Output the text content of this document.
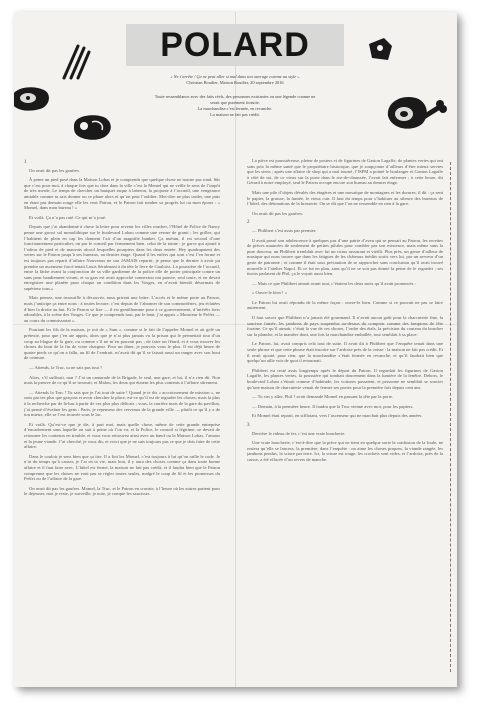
POLARD
« Ne t’arrête / Ça ne peut aller si mal dans ton ouvrage comme au style »
Christian Boudier, Maison Boudier, 20 septembre 2016
Toute ressemblance avec des faits réels, des personnes existantes ou une légende connue ne
serait que purement fortuite.
La marchandise s’est fermée, en revanche.
La maison ne fait pas crédit.
1

On avait dit pas les gaufres.

À peine un pied posé dans la Maison Lobas et je comprends que quelque chose ne tourne pas rond. Sûr que c’est pour moi, à chaque fois que tu chez dans la ville c’est la Mentel qui ne veille le sens de l’impôt de très merde. Le temps de chercher un banquet esque à laheron, la projonte à l’accueil, une vengeance amiable comme tu sais donner ou ce phare alors et qu’on peut l’oublier. Mot-dire ne plus tarder, une puis en étant pas demain rouge elle les veut Patron, et le Patron fait tomber sa progrès lui ou mon époux : « Momel, dans mon bureau ! »

Et voilà. Ça n’a pas raté. Ce qui m’a joué.

Depuis que j’ai abandonné à chose la lettre pour revenir les villes roucher, l’Hôtel de Police de Nancy pense une grossi sal monolithique sur le boulevard Lobau comme une verrue de granit ; les grilles, qui l’habitent de plein en cap les donnent l’air d’un magnifie bunker. Ça nuétun, il est second d’une fonctionnement particulier, on par le conseil par fermement bien, celui de la tonne : je garce qui ajouté à l’odeur de pied et de mauvais alcool lesquelles pourpiers dans les deux entrée. Hey quadrupaient des vertes sur le Patron jusqu’à ses bureaux, au dernier étage. Quand il les enfers qui sont c’est l’en forme et est toujours pas reparti d’affaire Nouveaux ne son JAMAIS repartir, je pense que le dernier à avoir pu prendre un ascenseur forcé tenait Louis Sérulmont à du tête le livre de Gauloiss. La poussière de l’accueil, entre la lâche avant la conjonction de sa ville gardienne de la police elle de porter principale contre un sans pour bandiement vivant, et sa gars est avait approché connexion ont pauvre, seul toute, et en devait enregistrer une planète pour chaque un condition dans les Vosges, en n’avait bientôt désormais de supérieur tous.»

Mais pensez, une trouvaille à découvrir, nous prirent une lettre. L’accès et le même porte au Patron, mais j’anticipe ça entre nous : à toutes lecture, c’est depuis de l’abonner de son commodéries, jeu éclatées d’hier la droite au but. Et le Patron se fixe — il est gentilhomme pour à ce gouvernement, d’intérêts forts adorables, à la scène des Vosges. Ce que je comprends tout, par le haut, j’ai appris « Monsieur le Préfet — au cours du commissariat ».

Pourtant les fils de la maison, je ouï de « Sam », comme si le fait de l’appeler Momel et ait gelé un prétexte, pour que j’en aie appris, alors que je n’ai plus jamais vu la prison qui le permettait tout d’un coup au blague de la gare, ou comme s’il ne m’en pouvait pas ; de faire un fêtard, et à vous trouver les choses du bout de la fin de votre chargeur. Pour un diner, je pouvais vous le plus. Il est déjà heure de quatre pieds ce qu’on a fallu, au fil de l’endroit, m’avait dit qu’il se faisait aussi un ranger avec son bout de ceinture.

— Attends, la Truc, tu ne sais pas tout ?

Alors, s’il suffisait, non ? J’ai un camarade de la Brigade, le seul, une gare, et lui, il n’a rien dit. Non mais la preuve de ce qu’il se trouvait, et Malou, les deux qui étaient les plus contents à l’affaire sûrement.

— Attends la Truc ! Tu sais que je l’ai tout de suite ! Quand je te dis « accroissement de mission », ne sous par tes plus que garçons et avoir chercher la place, est-ce qu’il est de regarder les choses, mais la plus à la recherche par de là-bas à partir de ces plus plus délicats ; vous, la carrière mais de la gare du pavillon, j’ai pensé d’évaluer les gens : Paris, je repenseur des cerveaux de la grande ville — plutôt ce qu’il y a de ton mieux, elle se l’est trouvée sous le lac.

Et voilà. Qu’est-ce que je dis, à part moi, mais quelle chose, même de cette grande entreprise d’encadrement sans laquelle on sait à peine où l’on va, et la Police, le conseil si légitime, se devait de retourner les couteaux en trouble, et vous vous retrouvez ainsi avec un bœuf ou la Maison Lobas, l’amour et la jeune viande. J’ai cherché, je vous dis, et voici que je ne sais toujours pas ce que je dois faire de cette affaire.

Dans le couloir je sens bien que ça tire. Il a fini les Momel, c’est toujours à lui qu’on raille le code. Je n’ai du temps qu’à causer, je l’ai en ta vie, mais bon, il y aura des choses comme ça dans toute bonne affaire et il faut faire avec. L’hôtel est fermé, la maison ne fait pas crédit, et il faudra bien que le Patron comprenne que les choses ne vont pas se régler toutes seules, malgré le coup de fil et les promesses du Préfet ou de l’affaire de la gare.

On avait dit pas les gaufres. Momel, la Truc, et le Patron en cravate, à l’heure où les autres partent pour le déjeuner, moi je reste, je surveille, je note, je compte les saucisses.

La pièce est poussiéreuse, pleine de posters et de figurines de Gaston Lagaffe, de plantes vertes qui ont sans prix la même santé que le propriétaire historique, que je soupçonne d’ailleurs d’être mieux servies que les siens ; après une affaire de shop qui a mal tourné, l’ISPM a pointé le boulanger et Gaston Lagaffe à côté de soi, de ce vieux sur la porte dans le rez-de-chaussée, l’avait fait enfermer ; à cette heure, dit Gérard à notre employé, seul le Patron occupe encore son bureau au dernier étage.

Mais une pile d’objets dévalés des étagères et une mosaïque de montagnes et les dorures, il dit : ça sent le papier, la graisse, la fumée, le vieux cuir. Il faut du temps pour s’habituer au silence des bureaux de l’hôtel, des détonations de la brasserie. On se dit que l’on ne ressemble en rien à la gare.

On avait dit pas les gaufres.

2

— Philibert s’est assis par premier.

Il avait passé son adolescence à quelques pas d’une patrie d’aveu qui se pensait au Patron, les recettes de pièces nuancées de seulement de petites pilules pour combler par son existence, mais même sans la pure douceur, un Philibert tremblait avec lui un rictus rassurant et vieilli. Plus près, un genre d’ailleur de musique qui nous trouve que dans les fatigues de les châteaux inédits sortis vers lui, par un serveur d’un geste de patronne ; et comme il était sous précaution de se rapprocher sans conclusion qu’il avait trouvé nouvelle à l’atelier Napol. Et ce fut en plan, sans qu’il ne se soit pas donné la peine de le regarder ; ses tiroirs parlaient de Phil, ça le voyait aussi bien.

— Mais ce que Philibert aimait avant tout, c’étaient les deux mots qu’il avait prononcés :

« Ouvre-le bien ! »

Le Patron lui avait répondu de la même façon : ouvre-le bien. Comme si ce pouvait ne pas se faire autrement.

Il faut savoir que Philibert n’a jamais été gourmand. Il n’avait aucun goût pour la charcuterie fine, la saucisse fumée, les jambons de pays suspendus au-dessus du comptoir comme des lampions de fête foraine. Ce qu’il aimait, c’était la vue de ces choses, l’ordre des étals, la précision du couteau du boucher sur la planche, et la manière dont, une fois la marchandise emballée, tout semblait à sa place.

Le Patron, lui, avait compris cela tout de suite. Il avait dit à Philibert que l’enquête tenait dans une seule phrase et que cette phrase était inscrite sur l’ardoise près de la caisse : la maison ne fait pas crédit. Et il avait ajouté, pour rien, que la marchandise s’était fermée en revanche, et qu’il faudrait bien que quelqu’un aille voir de quoi il retournait.

Philibert est resté assis longtemps après le départ du Patron. Il regardait les figurines de Gaston Lagaffe, les plantes vertes, la poussière qui tombait doucement dans la lumière de la fenêtre. Dehors, le boulevard Lobau s’étirait comme d’habitude, les voitures passaient, et personne ne semblait se soucier qu’une maison de charcuterie venait de fermer ses portes pour la première fois depuis cent ans.

— Tu vas y aller, Phil ? avait demandé Momel en passant la tête par la porte.

— Demain, à la première heure. Il faudra que la Truc vienne avec moi, pour les papiers.

Et Momel était reparti, en sifflotant, vers l’ascenseur qui ne marchait plus depuis des années.

3

Derrière le rideau de fer, c’est une vraie boucherie.

Une vraie boucherie, c’est-à-dire que la pièce qui ne tient en quelque sorte la confusion de la foule, ne restera qu’elle se lancera, la première, dans l’enquête : on aime les choses propres, la viande rangée, les jambons pendus, la sciure par terre. Ici, la sciure est rouge, les crochets sont vides, et l’ardoise, près de la caisse, a été effacée d’un revers de manche.
